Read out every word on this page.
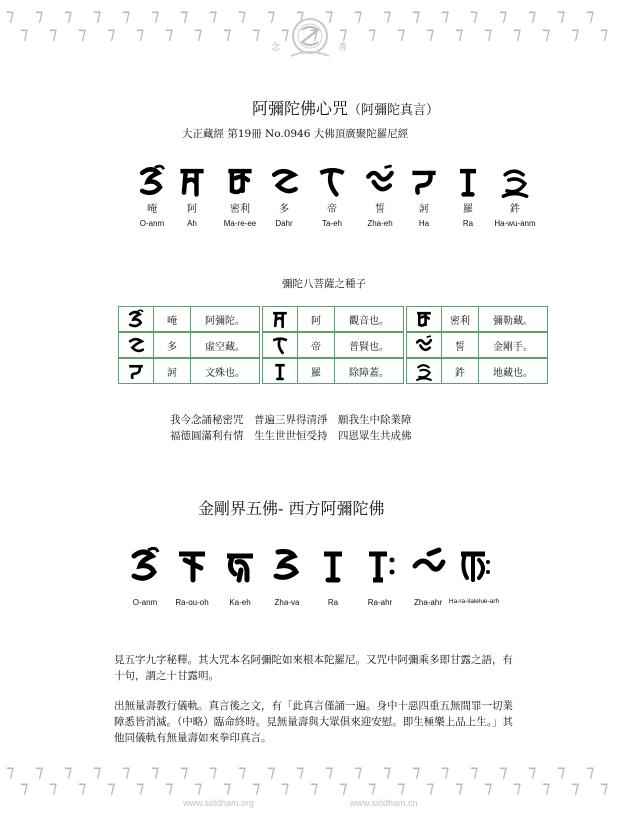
⁊ ⁊ ⁊ ⁊ ⁊ ⁊ ⁊ ⁊ ⁊ ⁊ ⁊ ⁊ ⁊ ⁊ ⁊ ⁊ ⁊ ⁊ ⁊ ⁊ ⁊
⁊ ⁊ ⁊ ⁊ ⁊ ⁊ ⁊ ⁊ ⁊ ⁊ ⁊ ⁊ ⁊ ⁊ ⁊ ⁊ ⁊ ⁊ ⁊ ⁊ ⁊
念	善
阿彌陀佛心咒（阿彌陀真言）
大正藏經 第19冊 No.0946 大佛頂廣聚陀羅尼經
唵
O-anm
阿
Ah
密利
Ma-re-ee
多
Dahr
帝
Ta-eh
誓
Zha-eh
訶
Ha
羅
Ra
鈝
Ha-wu-anm
彌陀八菩薩之種子
唵	阿彌陀。	阿	觀音也。	密利	彌勒藏。
多	虛空藏。	帝	普賢也。	誓	金剛手。
訶	文殊也。	羅	除障蓋。	鈝	地藏也。
我今念誦秘密咒　普遍三界得清淨　願我生中除業障
福德圓滿利有情　生生世世恒受持　四恩眾生共成佛
金剛界五佛- 西方阿彌陀佛
O-anm	Ra-ou-oh	Ka-eh	Zha-va	Ra	Ra-ahr	Zha-ahr	Ha-ra-ilaleluе-arh
見五字九字秘釋。其大咒本名阿彌陀如來根本陀羅尼。又咒中阿彌乘多即甘露之語，有十句，謂之十甘露明。
出無量壽教行儀軌。真言後之文，有「此真言僅誦一遍。身中十惡四重五無間罪一切業障悉皆消滅。（中略）臨命終時。見無量壽與大眾俱來迎安慰。即生極樂上品上生。」其他同儀軌有無量壽如來拳印真言。
⁊ ⁊ ⁊ ⁊ ⁊ ⁊ ⁊ ⁊ ⁊ ⁊ ⁊ ⁊ ⁊ ⁊ ⁊ ⁊ ⁊ ⁊ ⁊ ⁊ ⁊
⁊ ⁊ ⁊ ⁊ ⁊ ⁊ ⁊ ⁊ ⁊ ⁊ ⁊ ⁊ ⁊ ⁊ ⁊ ⁊ ⁊ ⁊ ⁊ ⁊ ⁊
www.siddham.org	www.siddham.cn
